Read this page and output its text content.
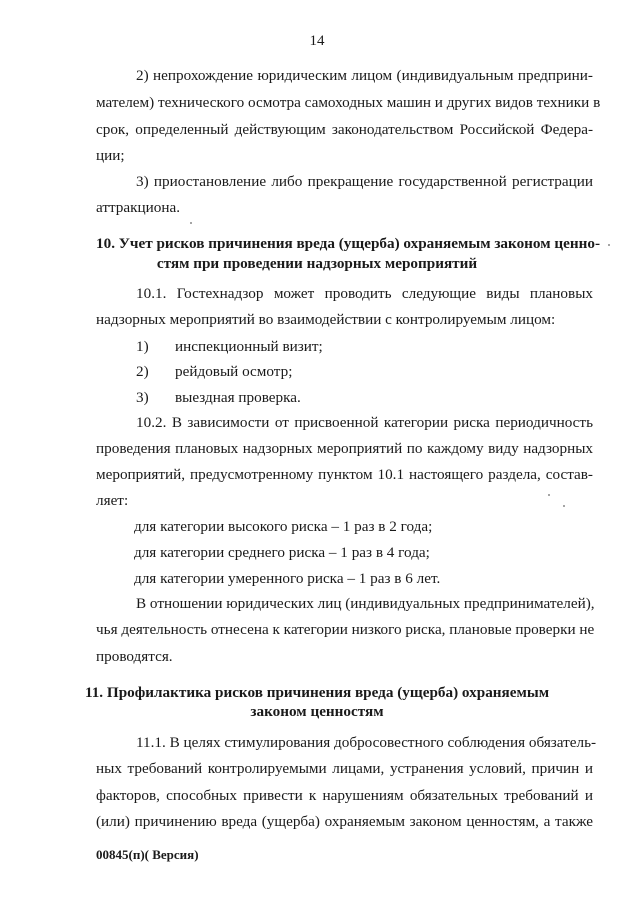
14
2) непрохождение юридическим лицом (индивидуальным предприни-
мателем) технического осмотра самоходных машин и других видов техники в
срок, определенный действующим законодательством Российской Федера-
ции;
3) приостановление либо прекращение государственной регистрации
аттракциона.
10. Учет рисков причинения вреда (ущерба) охраняемым законом ценно-
стям при проведении надзорных мероприятий
10.1. Гостехнадзор может проводить следующие виды плановых
надзорных мероприятий во взаимодействии с контролируемым лицом:
1) инспекционный визит;
2) рейдовый осмотр;
3) выездная проверка.
10.2. В зависимости от присвоенной категории риска периодичность
проведения плановых надзорных мероприятий по каждому виду надзорных
мероприятий, предусмотренному пунктом 10.1 настоящего раздела, состав-
ляет:
для категории высокого риска – 1 раз в 2 года;
для категории среднего риска – 1 раз в 4 года;
для категории умеренного риска – 1 раз в 6 лет.
В отношении юридических лиц (индивидуальных предпринимателей),
чья деятельность отнесена к категории низкого риска, плановые проверки не
проводятся.
11. Профилактика рисков причинения вреда (ущерба) охраняемым
законом ценностям
11.1. В целях стимулирования добросовестного соблюдения обязатель-
ных требований контролируемыми лицами, устранения условий, причин и
факторов, способных привести к нарушениям обязательных требований и
(или) причинению вреда (ущерба) охраняемым законом ценностям, а также
00845(п)( Версия)
